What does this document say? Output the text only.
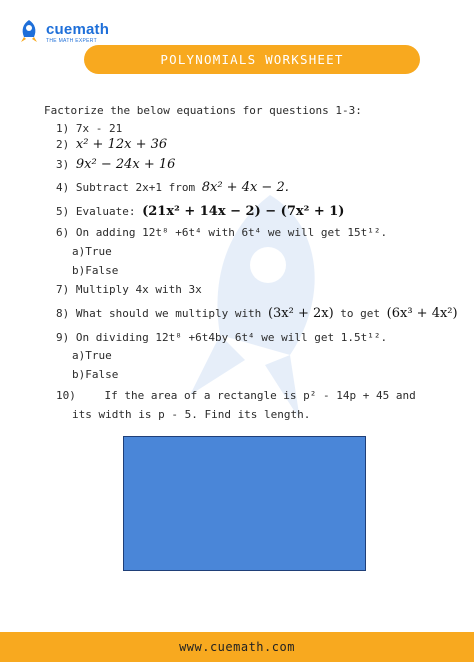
cuemath
THE MATH EXPERT
POLYNOMIALS WORKSHEET
Factorize the below equations for questions 1-3:
1) 7x - 21
2) x² + 12x + 36
3) 9x² − 24x + 16
4) Subtract 2x+1 from 8x² + 4x − 2.
5) Evaluate: (21x² + 14x − 2) − (7x² + 1)
6) On adding 12t⁸ +6t⁴ with 6t⁴ we will get 15t¹².
a)True
b)False
7) Multiply 4x with 3x
8) What should we multiply with (3x² + 2x) to get (6x³ + 4x²)
9) On dividing 12t⁸ +6t4by 6t⁴ we will get 1.5t¹².
a)True
b)False
10)	If the area of a rectangle is p² - 14p + 45 and
its width is p - 5. Find its length.
www.cuemath.com
